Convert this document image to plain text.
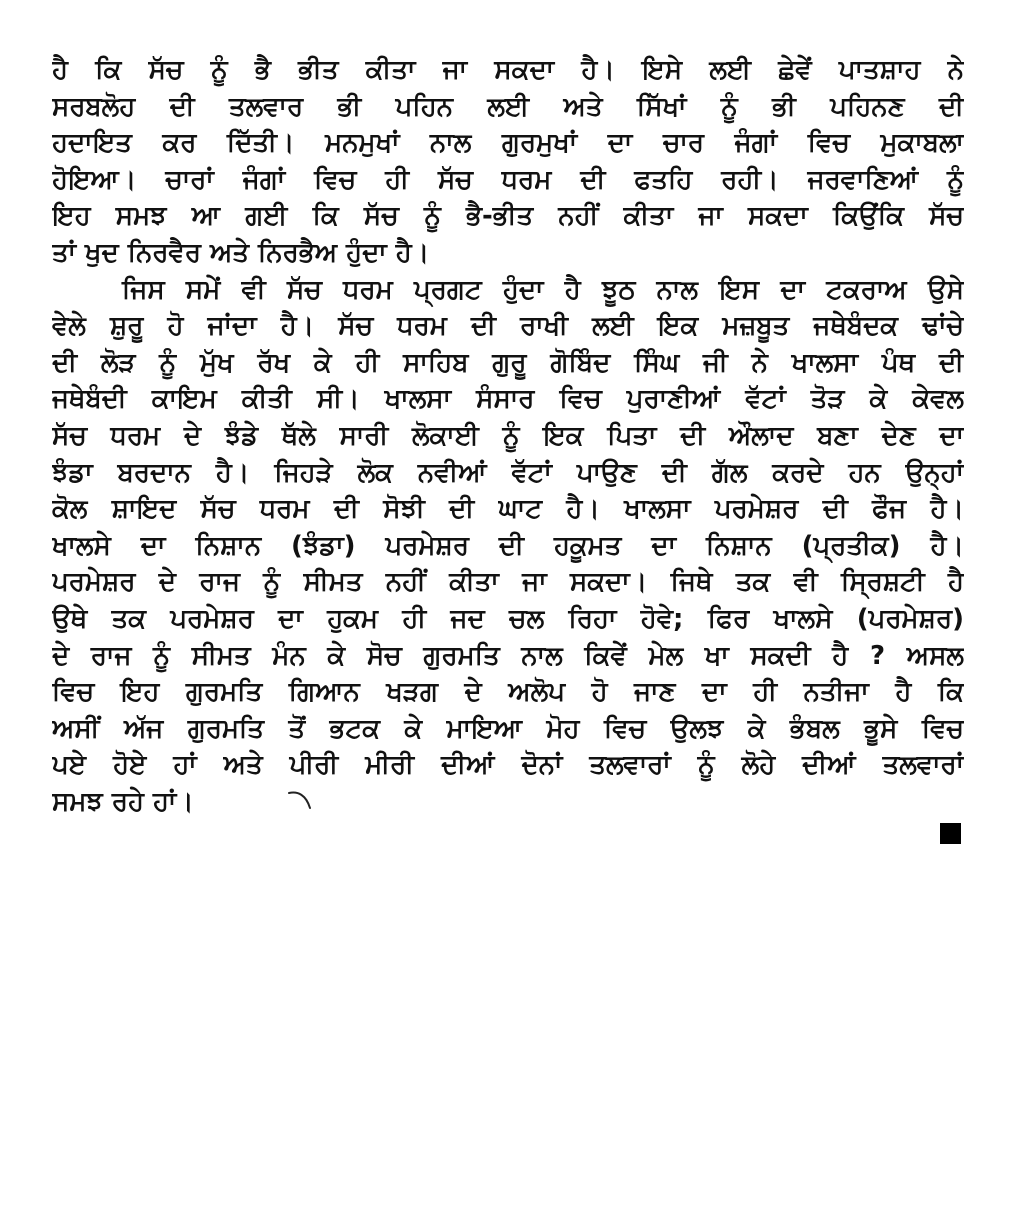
ਹੈ ਕਿ ਸੱਚ ਨੂੰ ਭੈ ਭੀਤ ਕੀਤਾ ਜਾ ਸਕਦਾ ਹੈ। ਇਸੇ ਲਈ ਛੇਵੇਂ ਪਾਤਸ਼ਾਹ ਨੇ
ਸਰਬਲੋਹ ਦੀ ਤਲਵਾਰ ਭੀ ਪਹਿਨ ਲਈ ਅਤੇ ਸਿੱਖਾਂ ਨੂੰ ਭੀ ਪਹਿਨਣ ਦੀ
ਹਦਾਇਤ ਕਰ ਦਿੱਤੀ। ਮਨਮੁਖਾਂ ਨਾਲ ਗੁਰਮੁਖਾਂ ਦਾ ਚਾਰ ਜੰਗਾਂ ਵਿਚ ਮੁਕਾਬਲਾ
ਹੋਇਆ। ਚਾਰਾਂ ਜੰਗਾਂ ਵਿਚ ਹੀ ਸੱਚ ਧਰਮ ਦੀ ਫਤਹਿ ਰਹੀ। ਜਰਵਾਣਿਆਂ ਨੂੰ
ਇਹ ਸਮਝ ਆ ਗਈ ਕਿ ਸੱਚ ਨੂੰ ਭੈ-ਭੀਤ ਨਹੀਂ ਕੀਤਾ ਜਾ ਸਕਦਾ ਕਿਉਂਕਿ ਸੱਚ
ਤਾਂ ਖੁਦ ਨਿਰਵੈਰ ਅਤੇ ਨਿਰਭੈਅ ਹੁੰਦਾ ਹੈ।
ਜਿਸ ਸਮੇਂ ਵੀ ਸੱਚ ਧਰਮ ਪ੍ਰਗਟ ਹੁੰਦਾ ਹੈ ਝੂਠ ਨਾਲ ਇਸ ਦਾ ਟਕਰਾਅ ਉਸੇ
ਵੇਲੇ ਸ਼ੁਰੂ ਹੋ ਜਾਂਦਾ ਹੈ। ਸੱਚ ਧਰਮ ਦੀ ਰਾਖੀ ਲਈ ਇਕ ਮਜ਼ਬੂਤ ਜਥੇਬੰਦਕ ਢਾਂਚੇ
ਦੀ ਲੋੜ ਨੂੰ ਮੁੱਖ ਰੱਖ ਕੇ ਹੀ ਸਾਹਿਬ ਗੁਰੂ ਗੋਬਿੰਦ ਸਿੰਘ ਜੀ ਨੇ ਖਾਲਸਾ ਪੰਥ ਦੀ
ਜਥੇਬੰਦੀ ਕਾਇਮ ਕੀਤੀ ਸੀ। ਖਾਲਸਾ ਸੰਸਾਰ ਵਿਚ ਪੁਰਾਣੀਆਂ ਵੱਟਾਂ ਤੋੜ ਕੇ ਕੇਵਲ
ਸੱਚ ਧਰਮ ਦੇ ਝੰਡੇ ਥੱਲੇ ਸਾਰੀ ਲੋਕਾਈ ਨੂੰ ਇਕ ਪਿਤਾ ਦੀ ਔਲਾਦ ਬਣਾ ਦੇਣ ਦਾ
ਝੰਡਾ ਬਰਦਾਨ ਹੈ। ਜਿਹੜੇ ਲੋਕ ਨਵੀਆਂ ਵੱਟਾਂ ਪਾਉਣ ਦੀ ਗੱਲ ਕਰਦੇ ਹਨ ਉਨ੍ਹਾਂ
ਕੋਲ ਸ਼ਾਇਦ ਸੱਚ ਧਰਮ ਦੀ ਸੋਝੀ ਦੀ ਘਾਟ ਹੈ। ਖਾਲਸਾ ਪਰਮੇਸ਼ਰ ਦੀ ਫੌਜ ਹੈ।
ਖਾਲਸੇ ਦਾ ਨਿਸ਼ਾਨ (ਝੰਡਾ) ਪਰਮੇਸ਼ਰ ਦੀ ਹਕੂਮਤ ਦਾ ਨਿਸ਼ਾਨ (ਪ੍ਰਤੀਕ) ਹੈ।
ਪਰਮੇਸ਼ਰ ਦੇ ਰਾਜ ਨੂੰ ਸੀਮਤ ਨਹੀਂ ਕੀਤਾ ਜਾ ਸਕਦਾ। ਜਿਥੇ ਤਕ ਵੀ ਸ੍ਰਿਸ਼ਟੀ ਹੈ
ਉਥੇ ਤਕ ਪਰਮੇਸ਼ਰ ਦਾ ਹੁਕਮ ਹੀ ਜਦ ਚਲ ਰਿਹਾ ਹੋਵੇ; ਫਿਰ ਖਾਲਸੇ (ਪਰਮੇਸ਼ਰ)
ਦੇ ਰਾਜ ਨੂੰ ਸੀਮਤ ਮੰਨ ਕੇ ਸੋਚ ਗੁਰਮਤਿ ਨਾਲ ਕਿਵੇਂ ਮੇਲ ਖਾ ਸਕਦੀ ਹੈ ? ਅਸਲ
ਵਿਚ ਇਹ ਗੁਰਮਤਿ ਗਿਆਨ ਖੜਗ ਦੇ ਅਲੋਪ ਹੋ ਜਾਣ ਦਾ ਹੀ ਨਤੀਜਾ ਹੈ ਕਿ
ਅਸੀਂ ਅੱਜ ਗੁਰਮਤਿ ਤੋਂ ਭਟਕ ਕੇ ਮਾਇਆ ਮੋਹ ਵਿਚ ਉਲਝ ਕੇ ਭੰਬਲ ਭੂਸੇ ਵਿਚ
ਪਏ ਹੋਏ ਹਾਂ ਅਤੇ ਪੀਰੀ ਮੀਰੀ ਦੀਆਂ ਦੋਨਾਂ ਤਲਵਾਰਾਂ ਨੂੰ ਲੋਹੇ ਦੀਆਂ ਤਲਵਾਰਾਂ
ਸਮਝ ਰਹੇ ਹਾਂ।
